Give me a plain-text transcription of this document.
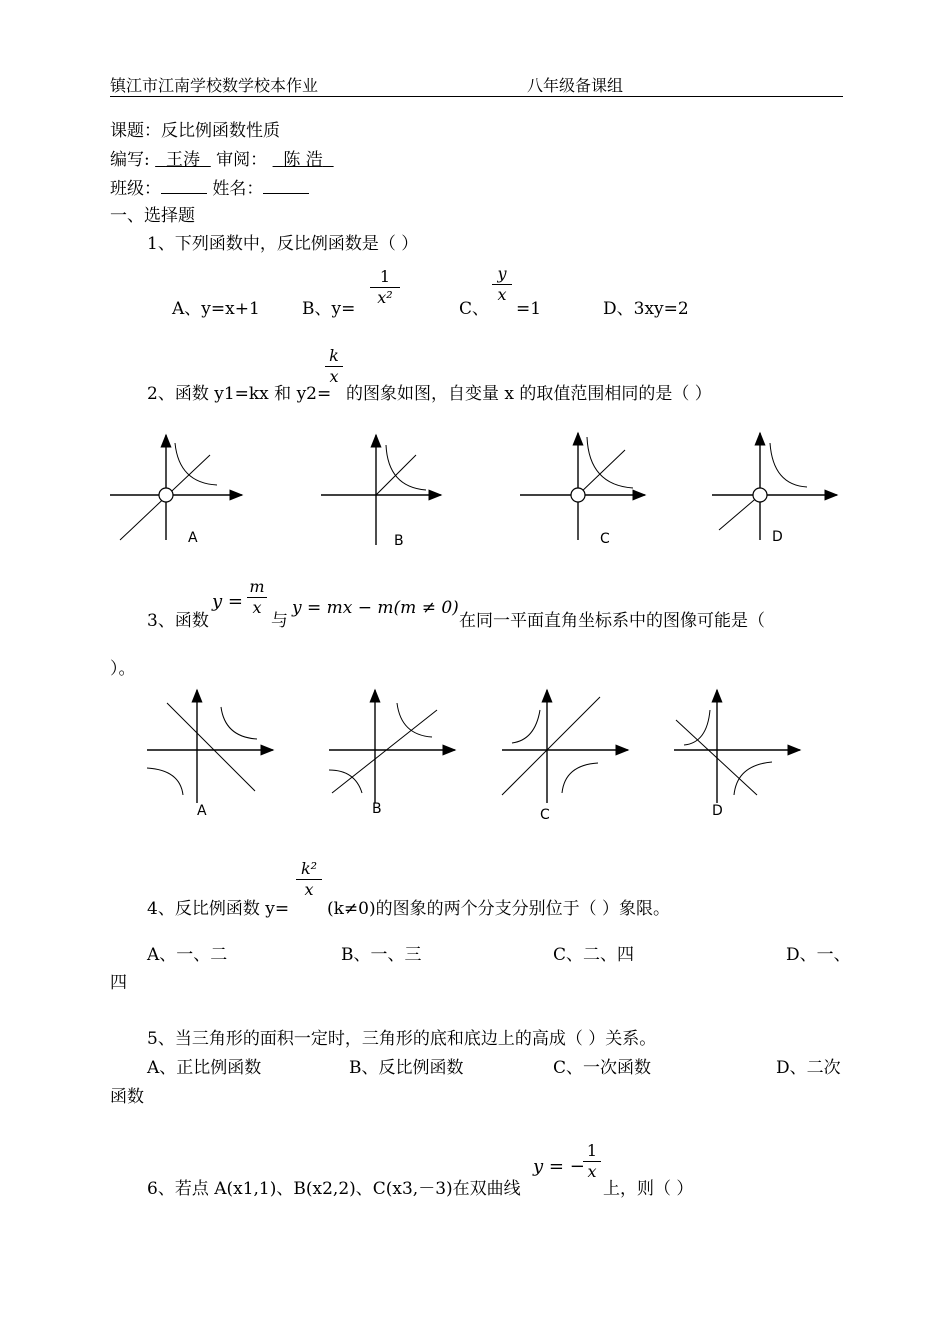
镇江市江南学校数学校本作业	八年级备课组
课题：反比例函数性质
编写: 王涛 审阅： 陈 浩
班级：	姓名：
一、选择题
1、下列函数中，反比例函数是（ ）
A、y=x+1 B、y=
1
x²
C、
y
x
=1	D、3xy=2
k
x
2、函数 y1=kx 和 y2= 的图象如图，自变量 x 的取值范围相同的是（ ）
A	B	C	D
3、函数
y =
m
x
与
y = mx − m(m ≠ 0)
在同一平面直角坐标系中的图像可能是（
）。
A	B	C	D
k²
x
4、反比例函数 y= (k≠0)的图象的两个分支分别位于（ ）象限。
A、一、二	B、一、三	C、二、四	D、一、
四
5、当三角形的面积一定时，三角形的底和底边上的高成（ ）关系。
A、正比例函数	B、反比例函数	C、一次函数	D、二次
函数
6、若点 A(x1,1)、B(x2,2)、C(x3,－3)在双曲线
y = −
1
x
上，则（ ）
